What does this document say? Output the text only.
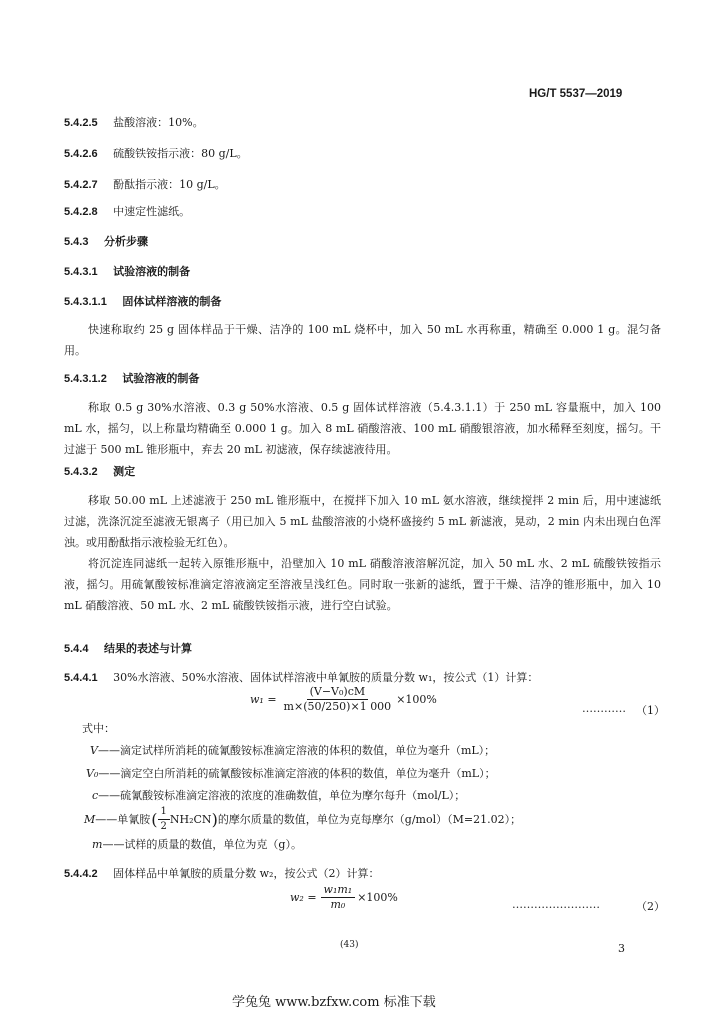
HG/T 5537—2019
5.4.2.5 盐酸溶液：10%。
5.4.2.6 硫酸铁铵指示液：80 g/L。
5.4.2.7 酚酞指示液：10 g/L。
5.4.2.8 中速定性滤纸。
5.4.3 分析步骤
5.4.3.1 试验溶液的制备
5.4.3.1.1 固体试样溶液的制备
快速称取约 25 g 固体样品于干燥、洁净的 100 mL 烧杯中，加入 50 mL 水再称重，精确至 0.000 1 g。混匀备用。
5.4.3.1.2 试验溶液的制备
称取 0.5 g 30%水溶液、0.3 g 50%水溶液、0.5 g 固体试样溶液（5.4.3.1.1）于 250 mL 容量瓶中，加入 100 mL 水，摇匀，以上称量均精确至 0.000 1 g。加入 8 mL 硝酸溶液、100 mL 硝酸银溶液，加水稀释至刻度，摇匀。干过滤于 500 mL 锥形瓶中，弃去 20 mL 初滤液，保存续滤液待用。
5.4.3.2 测定
移取 50.00 mL 上述滤液于 250 mL 锥形瓶中，在搅拌下加入 10 mL 氨水溶液，继续搅拌 2 min 后，用中速滤纸过滤，洗涤沉淀至滤液无银离子（用已加入 5 mL 盐酸溶液的小烧杯盛接约 5 mL 新滤液，晃动，2 min 内未出现白色浑浊。或用酚酞指示液检验无红色）。
将沉淀连同滤纸一起转入原锥形瓶中，沿壁加入 10 mL 硝酸溶液溶解沉淀，加入 50 mL 水、2 mL 硫酸铁铵指示液，摇匀。用硫氰酸铵标准滴定溶液滴定至溶液呈浅红色。同时取一张新的滤纸，置于干燥、洁净的锥形瓶中，加入 10 mL 硝酸溶液、50 mL 水、2 mL 硫酸铁铵指示液，进行空白试验。
5.4.4 结果的表述与计算
5.4.4.1 30%水溶液、50%水溶液、固体试样溶液中单氰胺的质量分数 w₁，按公式（1）计算：
$w_1 = \frac{\text{(V−V₀)cM}}{m\times(50/250)\times 1 000} \times 100\%$
………… （1）
式中：
V——滴定试样所消耗的硫氰酸铵标准滴定溶液的体积的数值，单位为毫升（mL）；
V₀——滴定空白所消耗的硫氰酸铵标准滴定溶液的体积的数值，单位为毫升（mL）；
c——硫氰酸铵标准滴定溶液的浓度的准确数值，单位为摩尔每升（mol/L）；
M ——单氰胺 ( $\frac{1}{2} NH_2CN$ ) 的摩尔质量的数值，单位为克每摩尔（g/mol）（M=21.02）；
m——试样的质量的数值，单位为克（g）。
5.4.4.2 固体样品中单氰胺的质量分数 w₂，按公式（2）计算：
$w_2 = \frac{\text{w₁m₁}}{\text{m₀}} \times 100\%$
……………………	（2）
(43)	3
学兔兔 www.bzfxw.com 标准下载
